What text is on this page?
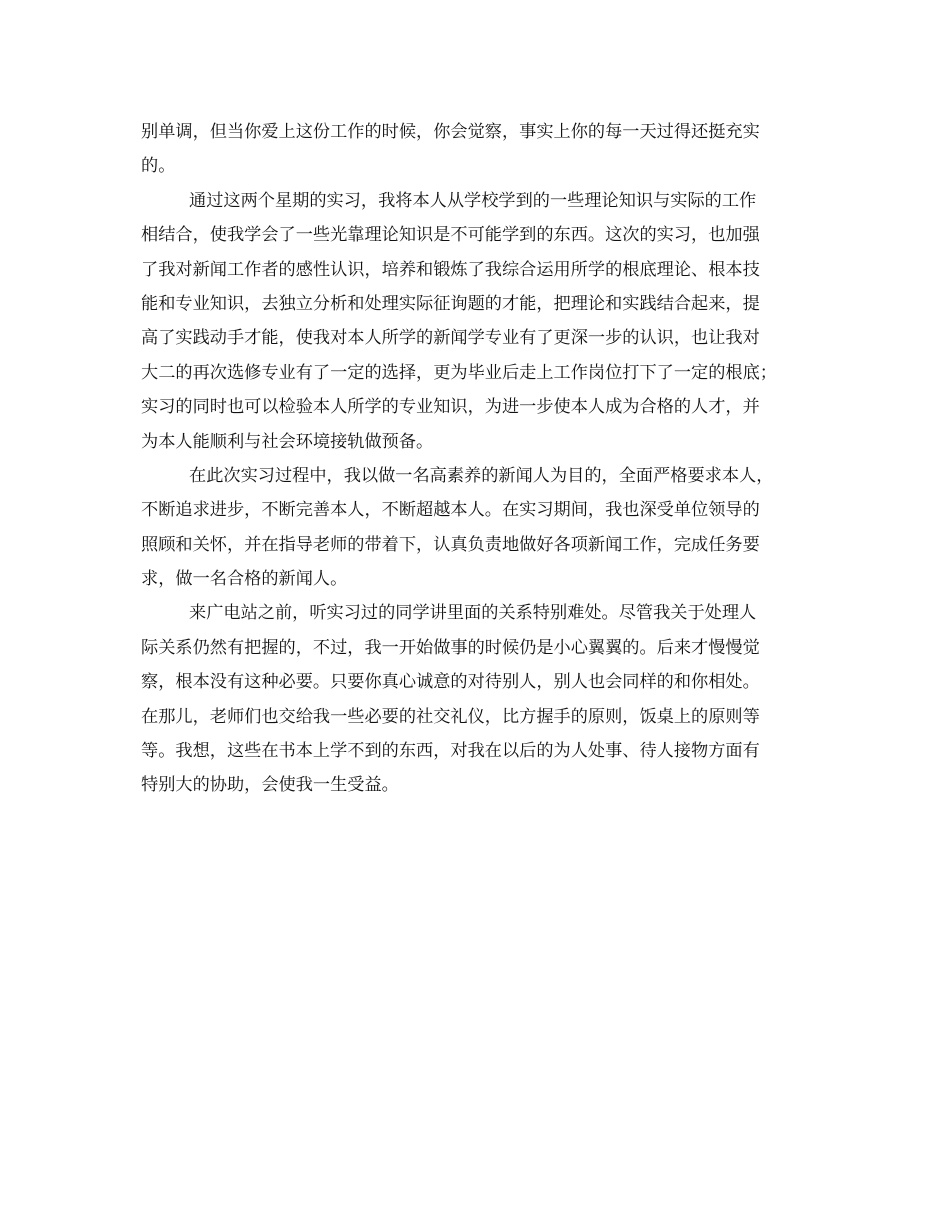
别单调，但当你爱上这份工作的时候，你会觉察，事实上你的每一天过得还挺充实
的。
通过这两个星期的实习，我将本人从学校学到的一些理论知识与实际的工作
相结合，使我学会了一些光靠理论知识是不可能学到的东西。这次的实习，也加强
了我对新闻工作者的感性认识，培养和锻炼了我综合运用所学的根底理论、根本技
能和专业知识，去独立分析和处理实际征询题的才能，把理论和实践结合起来，提
高了实践动手才能，使我对本人所学的新闻学专业有了更深一步的认识，也让我对
大二的再次选修专业有了一定的选择，更为毕业后走上工作岗位打下了一定的根底；
实习的同时也可以检验本人所学的专业知识，为进一步使本人成为合格的人才，并
为本人能顺利与社会环境接轨做预备。
在此次实习过程中，我以做一名高素养的新闻人为目的，全面严格要求本人，
不断追求进步，不断完善本人，不断超越本人。在实习期间，我也深受单位领导的
照顾和关怀，并在指导老师的带着下，认真负责地做好各项新闻工作，完成任务要
求，做一名合格的新闻人。
来广电站之前，听实习过的同学讲里面的关系特别难处。尽管我关于处理人
际关系仍然有把握的，不过，我一开始做事的时候仍是小心翼翼的。后来才慢慢觉
察，根本没有这种必要。只要你真心诚意的对待别人，别人也会同样的和你相处。
在那儿，老师们也交给我一些必要的社交礼仪，比方握手的原则，饭桌上的原则等
等。我想，这些在书本上学不到的东西，对我在以后的为人处事、待人接物方面有
特别大的协助，会使我一生受益。
